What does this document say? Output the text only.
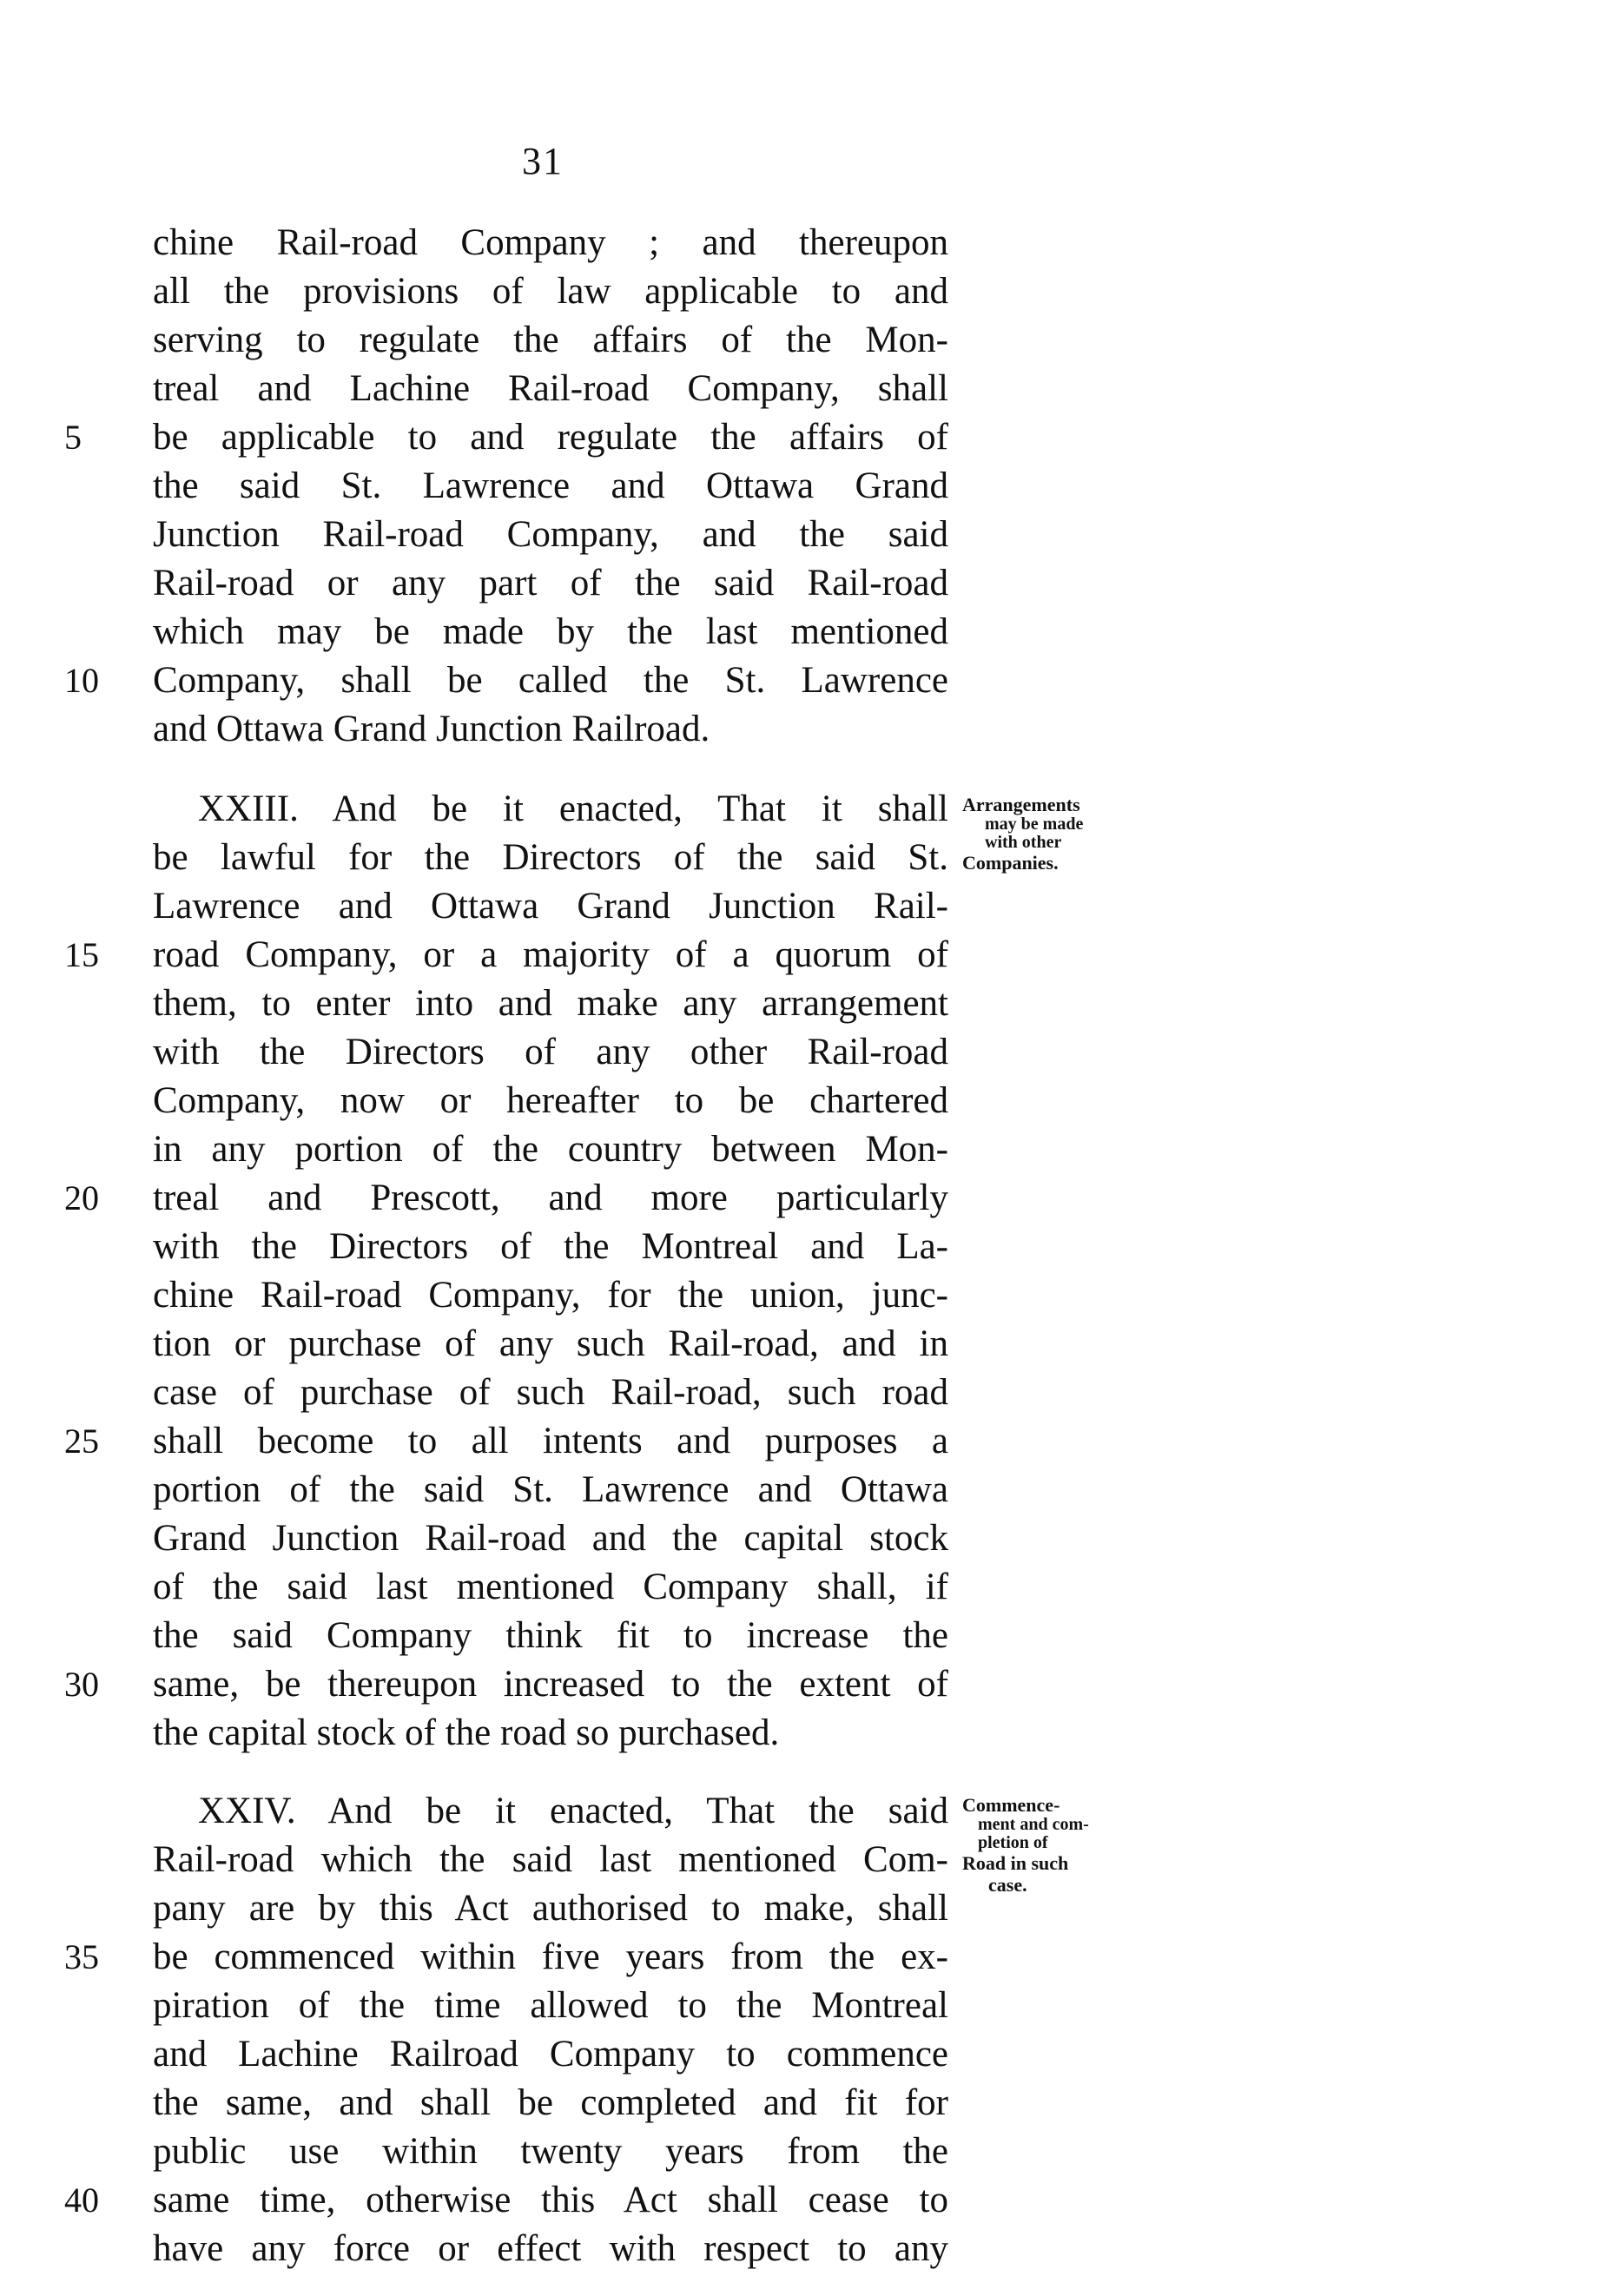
31
chine Rail-road Company ; and thereupon
all the provisions of law applicable to and
serving to regulate the affairs of the Mon-
treal and Lachine Rail-road Company, shall
5	be applicable to and regulate the affairs of
the said St. Lawrence and Ottawa Grand
Junction Rail-road Company, and the said
Rail-road or any part of the said Rail-road
which may be made by the last mentioned
10	Company, shall be called the St. Lawrence
and Ottawa Grand Junction Railroad.
XXIII. And be it enacted, That it shall
be lawful for the Directors of the said St.
Lawrence and Ottawa Grand Junction Rail-
15	road Company, or a majority of a quorum of
them, to enter into and make any arrangement
with the Directors of any other Rail-road
Company, now or hereafter to be chartered
in any portion of the country between Mon-
20	treal and Prescott, and more particularly
with the Directors of the Montreal and La-
chine Rail-road Company, for the union, junc-
tion or purchase of any such Rail-road, and in
case of purchase of such Rail-road, such road
25	shall become to all intents and purposes a
portion of the said St. Lawrence and Ottawa
Grand Junction Rail-road and the capital stock
of the said last mentioned Company shall, if
the said Company think fit to increase the
30	same, be thereupon increased to the extent of
the capital stock of the road so purchased.
XXIV. And be it enacted, That the said
Rail-road which the said last mentioned Com-
pany are by this Act authorised to make, shall
35	be commenced within five years from the ex-
piration of the time allowed to the Montreal
and Lachine Railroad Company to commence
the same, and shall be completed and fit for
public use within twenty years from the
40	same time, otherwise this Act shall cease to
have any force or effect with respect to any
Arrangements
may be made
with other
Companies.
Commence-
ment and com-
pletion of
Road in such
case.
